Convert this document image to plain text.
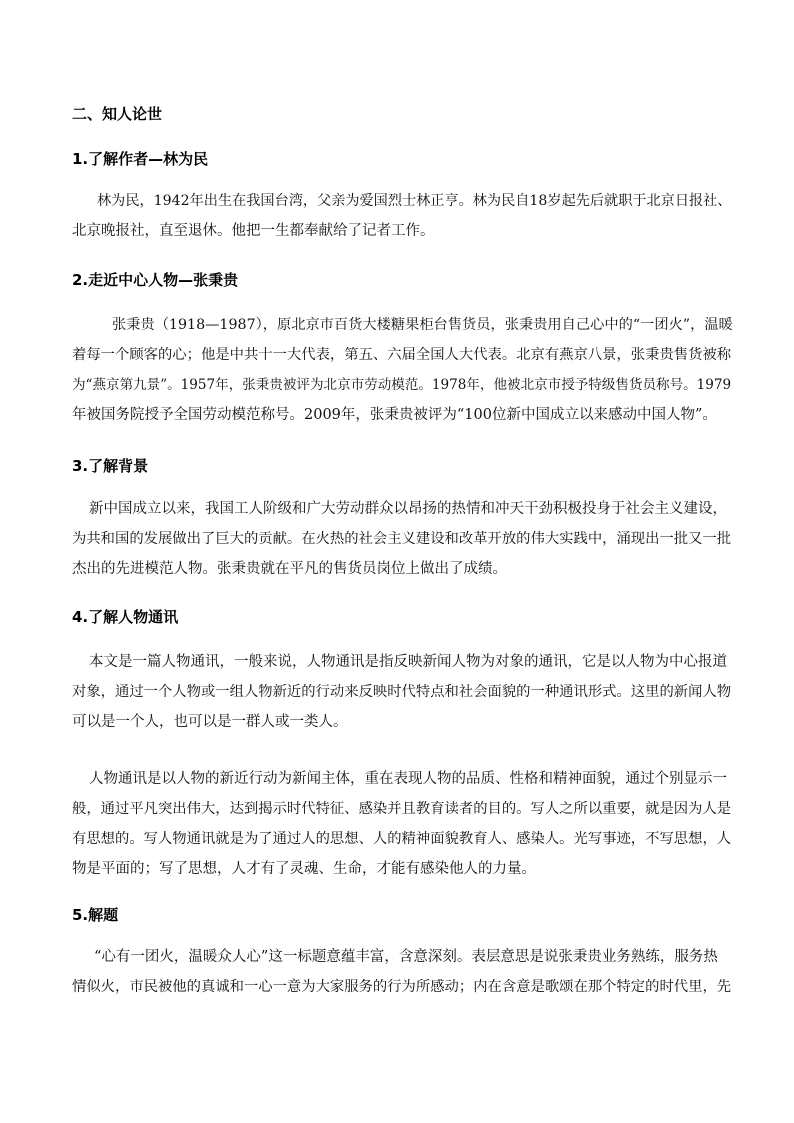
二、知人论世
1.了解作者—林为民
林为民，1942年出生在我国台湾，父亲为爱国烈士林正亨。林为民自18岁起先后就职于北京日报社、
北京晚报社，直至退休。他把一生都奉献给了记者工作。
2.走近中心人物—张秉贵
张秉贵（1918—1987），原北京市百货大楼糖果柜台售货员，张秉贵用自己心中的“一团火”，温暖
着每一个顾客的心；他是中共十一大代表，第五、六届全国人大代表。北京有燕京八景，张秉贵售货被称
为“燕京第九景”。1957年，张秉贵被评为北京市劳动模范。1978年，他被北京市授予特级售货员称号。1979
年被国务院授予全国劳动模范称号。2009年，张秉贵被评为“100位新中国成立以来感动中国人物”。
3.了解背景
新中国成立以来，我国工人阶级和广大劳动群众以昂扬的热情和冲天干劲积极投身于社会主义建设，
为共和国的发展做出了巨大的贡献。在火热的社会主义建设和改革开放的伟大实践中，涌现出一批又一批
杰出的先进模范人物。张秉贵就在平凡的售货员岗位上做出了成绩。
4.了解人物通讯
本文是一篇人物通讯，一般来说，人物通讯是指反映新闻人物为对象的通讯，它是以人物为中心报道
对象，通过一个人物或一组人物新近的行动来反映时代特点和社会面貌的一种通讯形式。这里的新闻人物
可以是一个人，也可以是一群人或一类人。
人物通讯是以人物的新近行动为新闻主体，重在表现人物的品质、性格和精神面貌，通过个别显示一
般，通过平凡突出伟大，达到揭示时代特征、感染并且教育读者的目的。写人之所以重要，就是因为人是
有思想的。写人物通讯就是为了通过人的思想、人的精神面貌教育人、感染人。光写事迹，不写思想，人
物是平面的；写了思想，人才有了灵魂、生命，才能有感染他人的力量。
5.解题
“心有一团火，温暖众人心”这一标题意蕴丰富，含意深刻。表层意思是说张秉贵业务熟练，服务热
情似火，市民被他的真诚和一心一意为大家服务的行为所感动；内在含意是歌颂在那个特定的时代里，先
